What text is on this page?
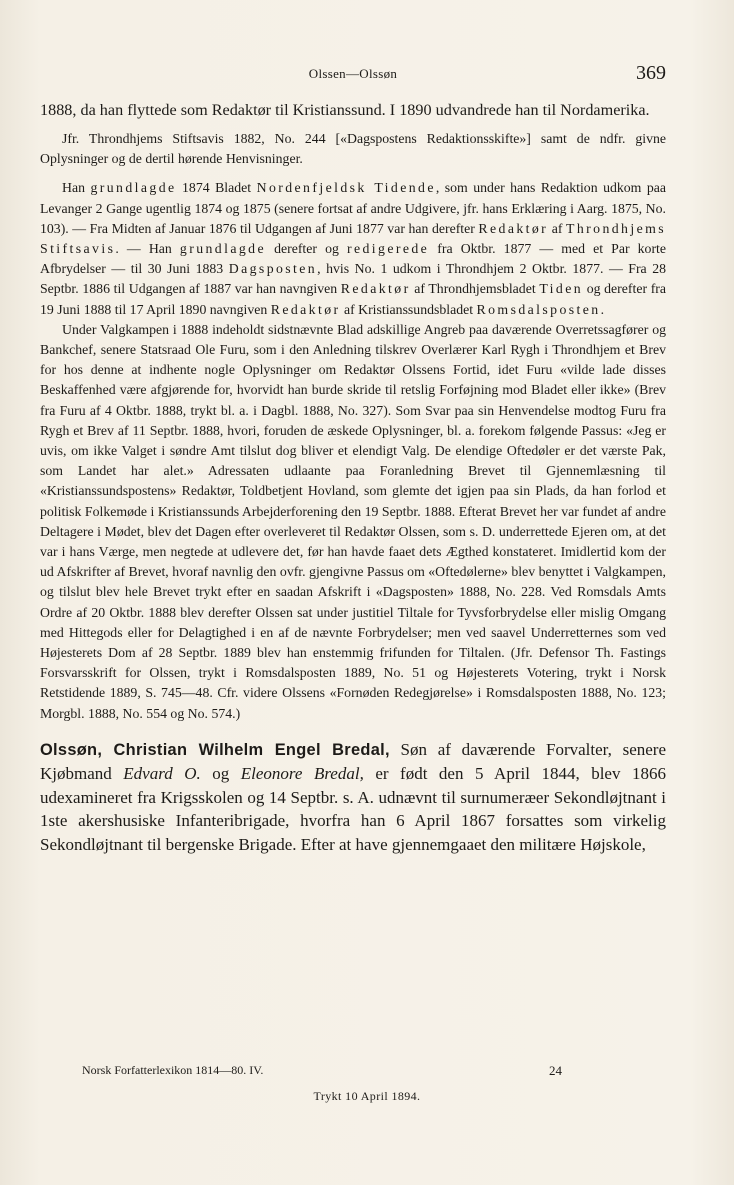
Olssen—Olssøn	369

1888, da han flyttede som Redaktør til Kristianssund. I 1890 udvandrede han til Nordamerika.

Jfr. Throndhjems Stiftsavis 1882, No. 244 [«Dagspostens Redaktionsskifte»] samt de ndfr. givne Oplysninger og de dertil hørende Henvisninger.

Han grundlagde 1874 Bladet Nordenfjeldsk Tidende, som under hans Redaktion udkom paa Levanger 2 Gange ugentlig 1874 og 1875 (senere fortsat af andre Udgivere, jfr. hans Erklæring i Aarg. 1875, No. 103). — Fra Midten af Januar 1876 til Udgangen af Juni 1877 var han derefter Redaktør af Throndhjems Stiftsavis. — Han grundlagde derefter og redigerede fra Oktbr. 1877 — med et Par korte Afbrydelser — til 30 Juni 1883 Dagsposten, hvis No. 1 udkom i Throndhjem 2 Oktbr. 1877. — Fra 28 Septbr. 1886 til Udgangen af 1887 var han navngiven Redaktør af Throndhjemsbladet Tiden og derefter fra 19 Juni 1888 til 17 April 1890 navngiven Redaktør af Kristianssundsbladet Romsdalsposten.

Under Valgkampen i 1888 indeholdt sidstnævnte Blad adskillige Angreb paa daværende Overretssagfører og Bankchef, senere Statsraad Ole Furu, som i den Anledning tilskrev Overlærer Karl Rygh i Throndhjem et Brev for hos denne at indhente nogle Oplysninger om Redaktør Olssens Fortid, idet Furu «vilde lade disses Beskaffenhed være afgjørende for, hvorvidt han burde skride til retslig Forføjning mod Bladet eller ikke» (Brev fra Furu af 4 Oktbr. 1888, trykt bl. a. i Dagbl. 1888, No. 327). Som Svar paa sin Henvendelse modtog Furu fra Rygh et Brev af 11 Septbr. 1888, hvori, foruden de æskede Oplysninger, bl. a. forekom følgende Passus: «Jeg er uvis, om ikke Valget i søndre Amt tilslut dog bliver et elendigt Valg. De elendige Oftedøler er det værste Pak, som Landet har alet.» Adressaten udlaante paa Foranledning Brevet til Gjennemlæsning til «Kristianssundspostens» Redaktør, Toldbetjent Hovland, som glemte det igjen paa sin Plads, da han forlod et politisk Folkemøde i Kristianssunds Arbejderforening den 19 Septbr. 1888. Efterat Brevet her var fundet af andre Deltagere i Mødet, blev det Dagen efter overleveret til Redaktør Olssen, som s. D. underrettede Ejeren om, at det var i hans Værge, men negtede at udlevere det, før han havde faaet dets Ægthed konstateret. Imidlertid kom der ud Afskrifter af Brevet, hvoraf navnlig den ovfr. gjengivne Passus om «Oftedølerne» blev benyttet i Valgkampen, og tilslut blev hele Brevet trykt efter en saadan Afskrift i «Dagsposten» 1888, No. 228. Ved Romsdals Amts Ordre af 20 Oktbr. 1888 blev derefter Olssen sat under justitiel Tiltale for Tyvsforbrydelse eller mislig Omgang med Hittegods eller for Delagtighed i en af de nævnte Forbrydelser; men ved saavel Underretternes som ved Højesterets Dom af 28 Septbr. 1889 blev han enstemmig frifunden for Tiltalen. (Jfr. Defensor Th. Fastings Forsvarsskrift for Olssen, trykt i Romsdalsposten 1889, No. 51 og Højesterets Votering, trykt i Norsk Retstidende 1889, S. 745—48. Cfr. videre Olssens «Fornøden Redegjørelse» i Romsdalsposten 1888, No. 123; Morgbl. 1888, No. 554 og No. 574.)

Olssøn, Christian Wilhelm Engel Bredal, Søn af daværende Forvalter, senere Kjøbmand Edvard O. og Eleonore Bredal, er født den 5 April 1844, blev 1866 udexamineret fra Krigsskolen og 14 Septbr. s. A. udnævnt til surnumeræer Sekondløjtnant i 1ste akershusiske Infanteribrigade, hvorfra han 6 April 1867 forsattes som virkelig Sekondløjtnant til bergenske Brigade. Efter at have gjennemgaaet den militære Højskole,

Norsk Forfatterlexikon 1814—80. IV.	24
Trykt 10 April 1894.
